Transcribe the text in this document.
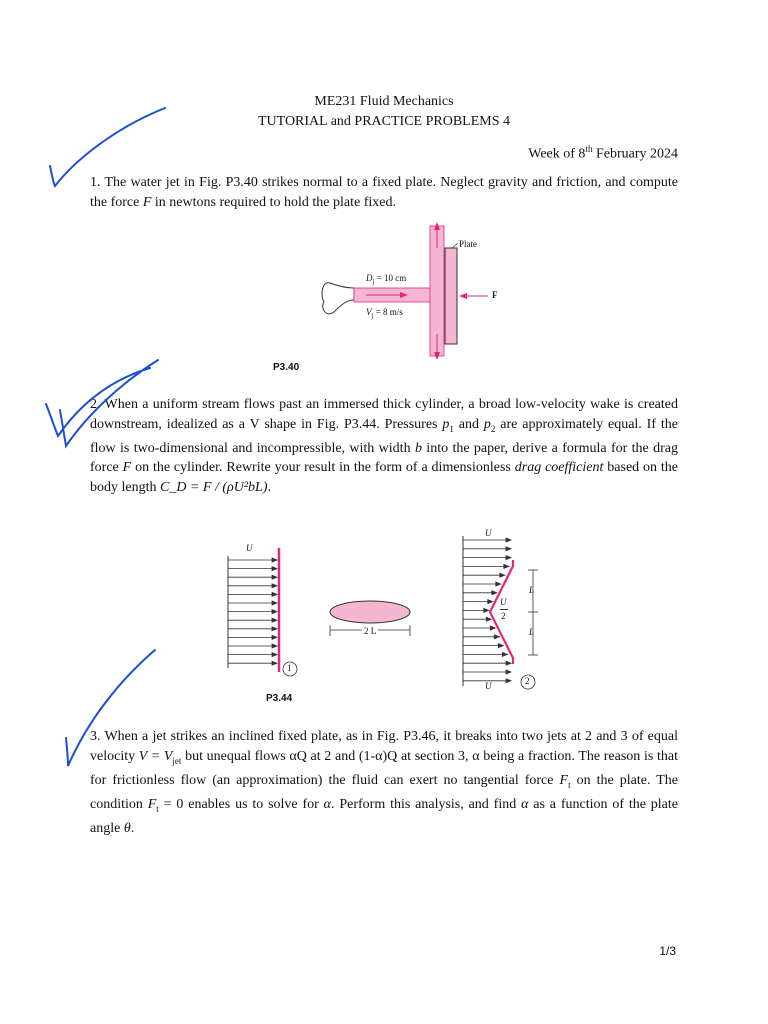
ME231 Fluid Mechanics
TUTORIAL and PRACTICE PROBLEMS 4
Week of 8th February 2024
1. The water jet in Fig. P3.40 strikes normal to a fixed plate. Neglect gravity and friction, and compute the force F in newtons required to hold the plate fixed.
Plate
$D_j = 10$ cm
$V_j = 8$ m/s
F
P3.40
2. When a uniform stream flows past an immersed thick cylinder, a broad low-velocity wake is created downstream, idealized as a V shape in Fig. P3.44. Pressures $p_1$ and $p_2$ are approximately equal. If the flow is two-dimensional and incompressible, with width b into the paper, derive a formula for the drag force F on the cylinder. Rewrite your result in the form of a dimensionless drag coefficient based on the body length C_D = F / (ρU²bL).
U
1
2 L
U
U
U
2
L
L
2
P3.44
3. When a jet strikes an inclined fixed plate, as in Fig. P3.46, it breaks into two jets at 2 and 3 of equal velocity $V = V_{jet}$ but unequal flows αQ at 2 and (1-α)Q at section 3, α being a fraction. The reason is that for frictionless flow (an approximation) the fluid can exert no tangential force $F_t$ on the plate. The condition $F_t = 0$ enables us to solve for α. Perform this analysis, and find α as a function of the plate angle θ.
1/3
